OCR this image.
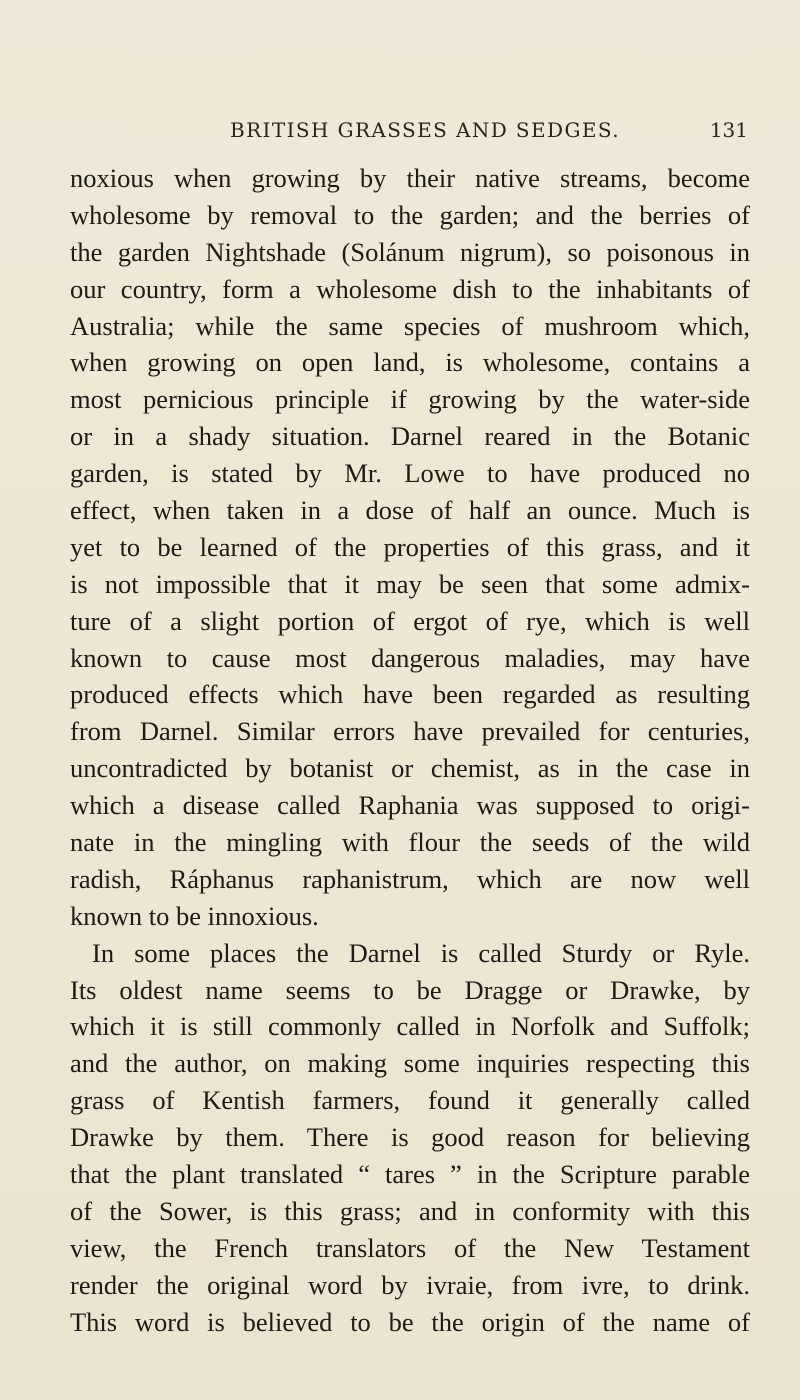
BRITISH GRASSES AND SEDGES.	131
noxious when growing by their native streams, become
wholesome by removal to the garden; and the berries of
the garden Nightshade (Solánum nigrum), so poisonous in
our country, form a wholesome dish to the inhabitants of
Australia; while the same species of mushroom which,
when growing on open land, is wholesome, contains a
most pernicious principle if growing by the water-side
or in a shady situation. Darnel reared in the Botanic
garden, is stated by Mr. Lowe to have produced no
effect, when taken in a dose of half an ounce. Much is
yet to be learned of the properties of this grass, and it
is not impossible that it may be seen that some admix-
ture of a slight portion of ergot of rye, which is well
known to cause most dangerous maladies, may have
produced effects which have been regarded as resulting
from Darnel. Similar errors have prevailed for centuries,
uncontradicted by botanist or chemist, as in the case in
which a disease called Raphania was supposed to origi-
nate in the mingling with flour the seeds of the wild
radish, Ráphanus raphanistrum, which are now well
known to be innoxious.
In some places the Darnel is called Sturdy or Ryle.
Its oldest name seems to be Dragge or Drawke, by
which it is still commonly called in Norfolk and Suffolk;
and the author, on making some inquiries respecting this
grass of Kentish farmers, found it generally called
Drawke by them. There is good reason for believing
that the plant translated “ tares ” in the Scripture parable
of the Sower, is this grass; and in conformity with this
view, the French translators of the New Testament
render the original word by ivraie, from ivre, to drink.
This word is believed to be the origin of the name of
